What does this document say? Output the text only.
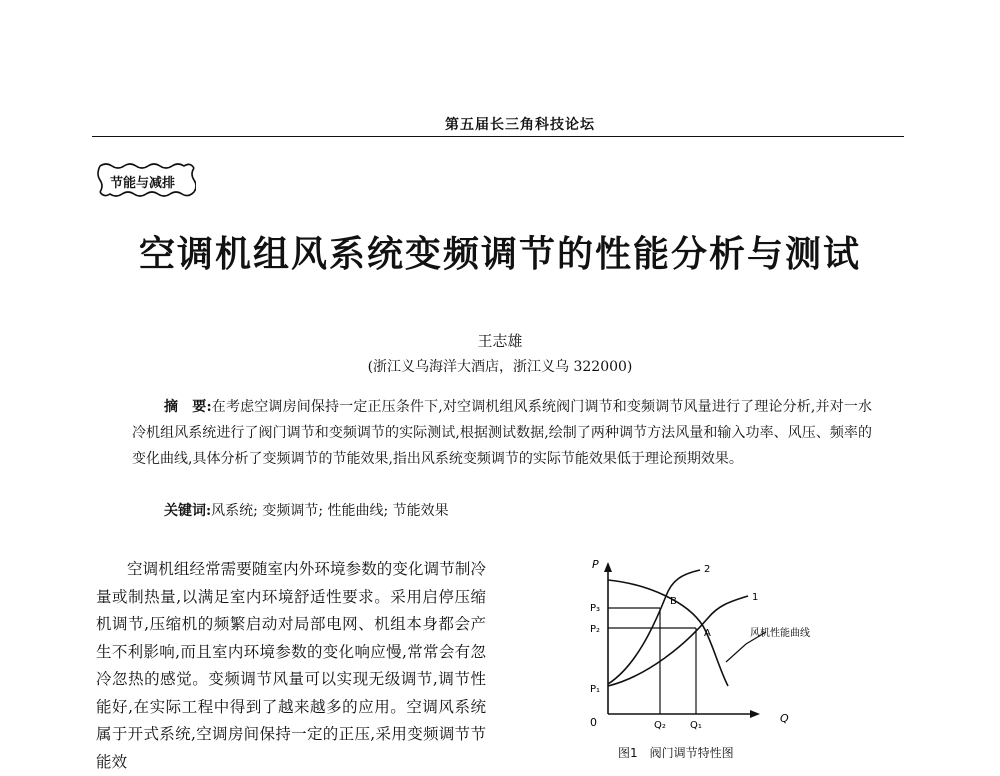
第五届长三角科技论坛
节能与减排
空调机组风系统变频调节的性能分析与测试
王志雄
(浙江义乌海洋大酒店，浙江义乌 322000)
摘　要:在考虑空调房间保持一定正压条件下,对空调机组风系统阀门调节和变频调节风量进行了理论分析,并对一水冷机组风系统进行了阀门调节和变频调节的实际测试,根据测试数据,绘制了两种调节方法风量和输入功率、风压、频率的变化曲线,具体分析了变频调节的节能效果,指出风系统变频调节的实际节能效果低于理论预期效果。
关键词:风系统; 变频调节; 性能曲线; 节能效果
空调机组经常需要随室内外环境参数的变化调节制冷量或制热量,以满足室内环境舒适性要求。采用启停压缩机调节,压缩机的频繁启动对局部电网、机组本身都会产生不利影响,而且室内环境参数的变化响应慢,常常会有忽冷忽热的感觉。变频调节风量可以实现无级调节,调节性能好,在实际工程中得到了越来越多的应用。空调风系统属于开式系统,空调房间保持一定的正压,采用变频调节节能效
P
Q
0
P₃
P₂
P₁
Q₂ Q₁
B
A
1
2
风机性能曲线
图1　阀门调节特性图
